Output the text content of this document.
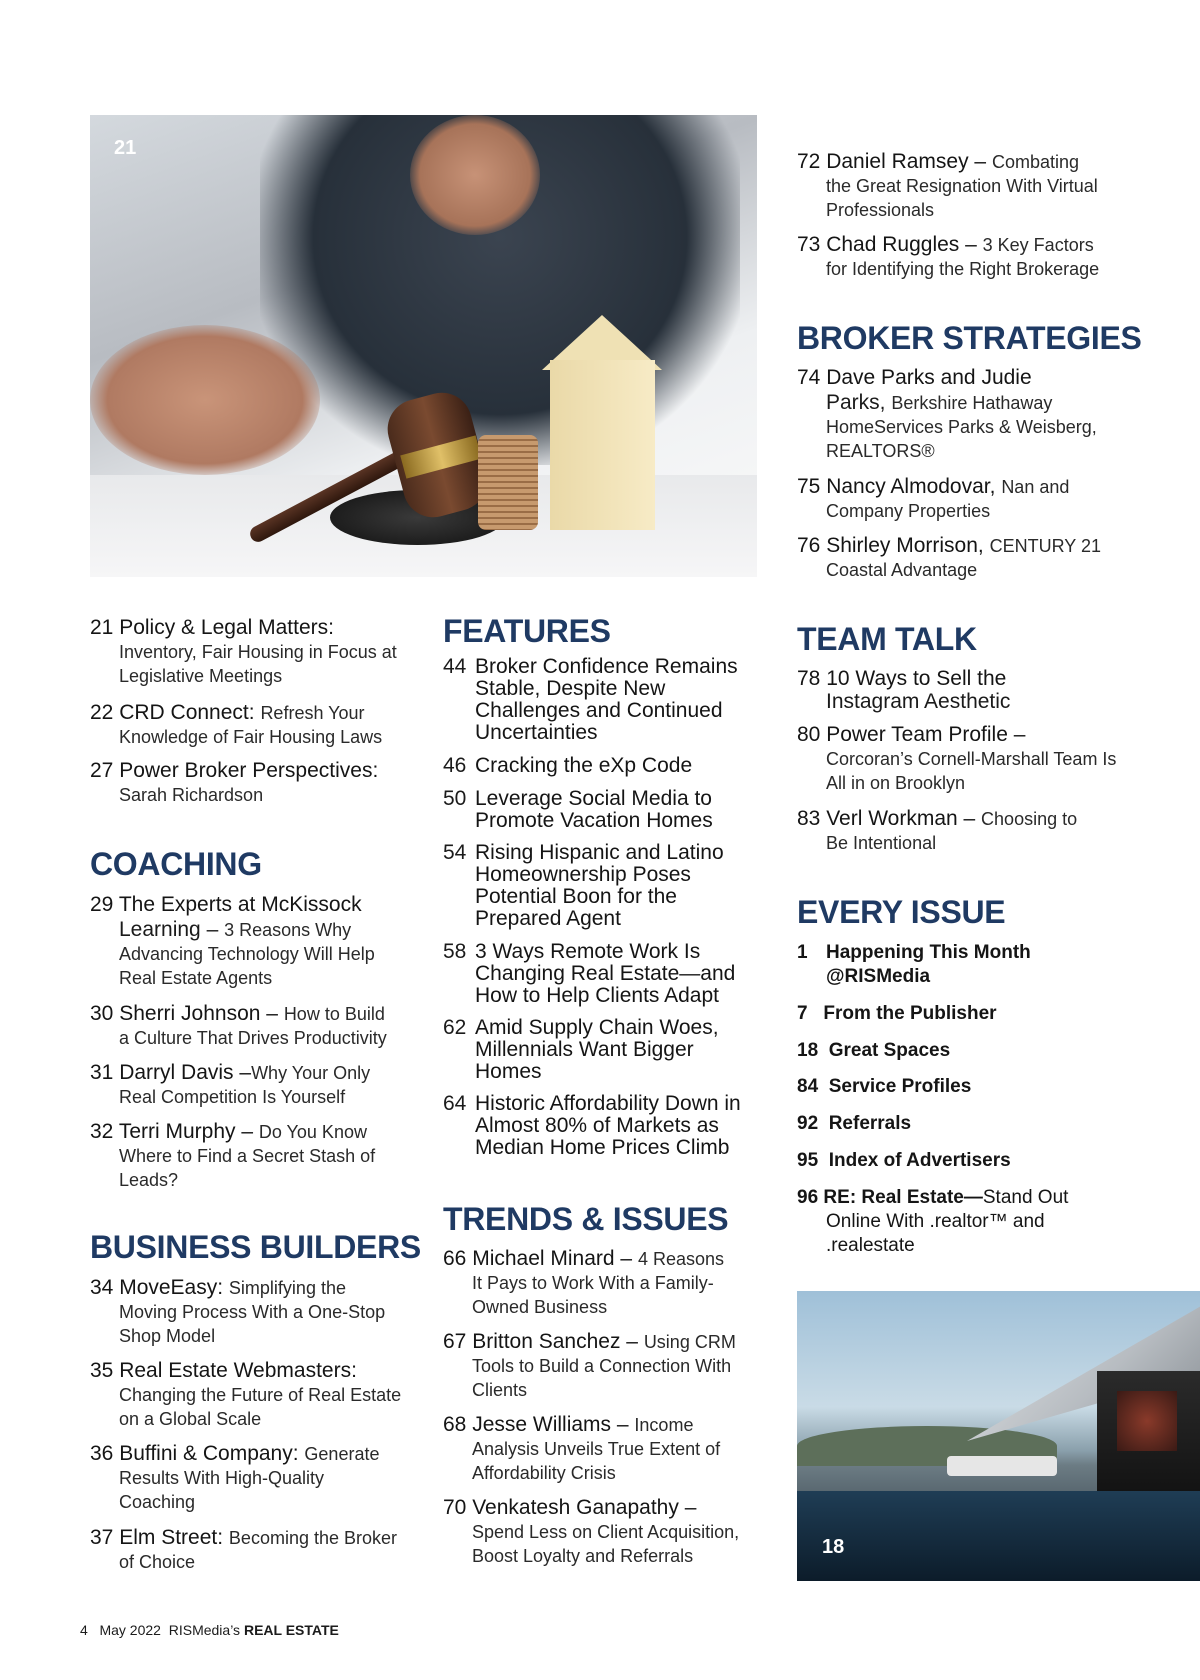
21
21 Policy & Legal Matters:
Inventory, Fair Housing in Focus at Legislative Meetings
22 CRD Connect: Refresh Your
Knowledge of Fair Housing Laws
27 Power Broker Perspectives:
Sarah Richardson
COACHING
29 The Experts at McKissock
Learning – 3 Reasons Why
Advancing Technology Will Help Real Estate Agents
30 Sherri Johnson – How to Build
a Culture That Drives Productivity
31 Darryl Davis –Why Your Only
Real Competition Is Yourself
32 Terri Murphy – Do You Know
Where to Find a Secret Stash of Leads?
BUSINESS BUILDERS
34 MoveEasy: Simplifying the
Moving Process With a One-Stop Shop Model
35 Real Estate Webmasters:
Changing the Future of Real Estate on a Global Scale
36 Buffini & Company: Generate
Results With High-Quality Coaching
37 Elm Street: Becoming the Broker
of Choice
FEATURES
44 Broker Confidence Remains Stable, Despite New Challenges and Continued Uncertainties
46 Cracking the eXp Code
50 Leverage Social Media to Promote Vacation Homes
54 Rising Hispanic and Latino Homeownership Poses Potential Boon for the Prepared Agent
58 3 Ways Remote Work Is Changing Real Estate—and How to Help Clients Adapt
62 Amid Supply Chain Woes, Millennials Want Bigger Homes
64 Historic Affordability Down in Almost 80% of Markets as Median Home Prices Climb
TRENDS & ISSUES
66 Michael Minard – 4 Reasons
It Pays to Work With a Family-Owned Business
67 Britton Sanchez – Using CRM
Tools to Build a Connection With Clients
68 Jesse Williams – Income
Analysis Unveils True Extent of Affordability Crisis
70 Venkatesh Ganapathy –
Spend Less on Client Acquisition, Boost Loyalty and Referrals
72 Daniel Ramsey – Combating
the Great Resignation With Virtual Professionals
73 Chad Ruggles – 3 Key Factors
for Identifying the Right Brokerage
BROKER STRATEGIES
74 Dave Parks and Judie
Parks, Berkshire Hathaway
HomeServices Parks & Weisberg, REALTORS®
75 Nancy Almodovar, Nan and
Company Properties
76 Shirley Morrison, CENTURY 21
Coastal Advantage
TEAM TALK
78 10 Ways to Sell the
Instagram Aesthetic
80 Power Team Profile –
Corcoran’s Cornell-Marshall Team Is All in on Brooklyn
83 Verl Workman – Choosing to
Be Intentional
EVERY ISSUE
1 Happening This Month @RISMedia
7 From the Publisher
18 Great Spaces
84 Service Profiles
92 Referrals
95 Index of Advertisers
96 RE: Real Estate—Stand Out
Online With .realtor™ and .realestate
18
4 May 2022 RISMedia’s REAL ESTATE
